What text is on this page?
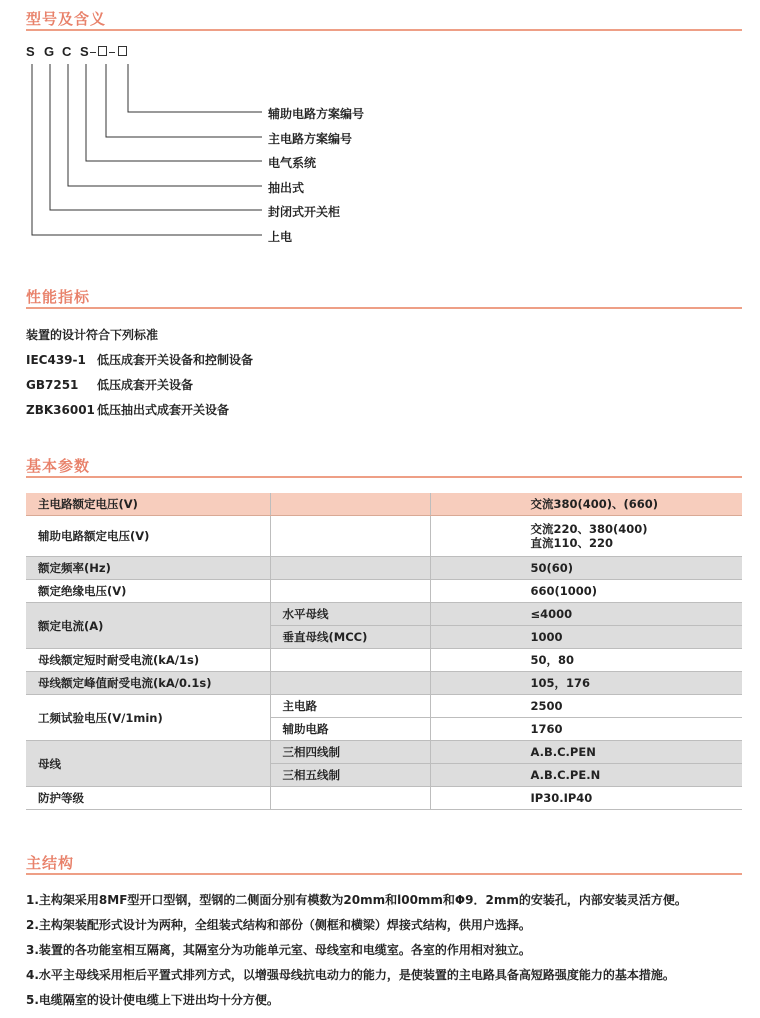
型号及含义
S G C S
辅助电路方案编号
主电路方案编号
电气系统
抽出式
封闭式开关柜
上电
性能指标
装置的设计符合下列标准
IEC439-1 低压成套开关设备和控制设备
GB7251 低压成套开关设备
ZBK36001 低压抽出式成套开关设备
基本参数
主电路额定电压(V)		交流380(400)、(660)
辅助电路额定电压(V)		交流220、380(400)
直流110、220

额定频率(Hz)		50(60)
额定绝缘电压(V)		660(1000)
额定电流(A)	水平母线	≤4000
	垂直母线(MCC)	1000
母线额定短时耐受电流(kA/1s)		50，80
母线额定峰值耐受电流(kA/0.1s)		105，176
工频试验电压(V/1min)	主电路	2500
	辅助电路	1760
母线	三相四线制	A.B.C.PEN
	三相五线制	A.B.C.PE.N
防护等级		IP30.IP40
主结构
1.主构架采用8MF型开口型钢，型钢的二侧面分别有模数为20mm和l00mm和Φ9．2mm的安装孔，内部安装灵活方便。
2.主构架装配形式设计为两种，全组装式结构和部份（侧框和横梁）焊接式结构，供用户选择。
3.装置的各功能室相互隔离，其隔室分为功能单元室、母线室和电缆室。各室的作用相对独立。
4.水平主母线采用柜后平置式排列方式，以增强母线抗电动力的能力，是使装置的主电路具备高短路强度能力的基本措施。
5.电缆隔室的设计使电缆上下进出均十分方便。
